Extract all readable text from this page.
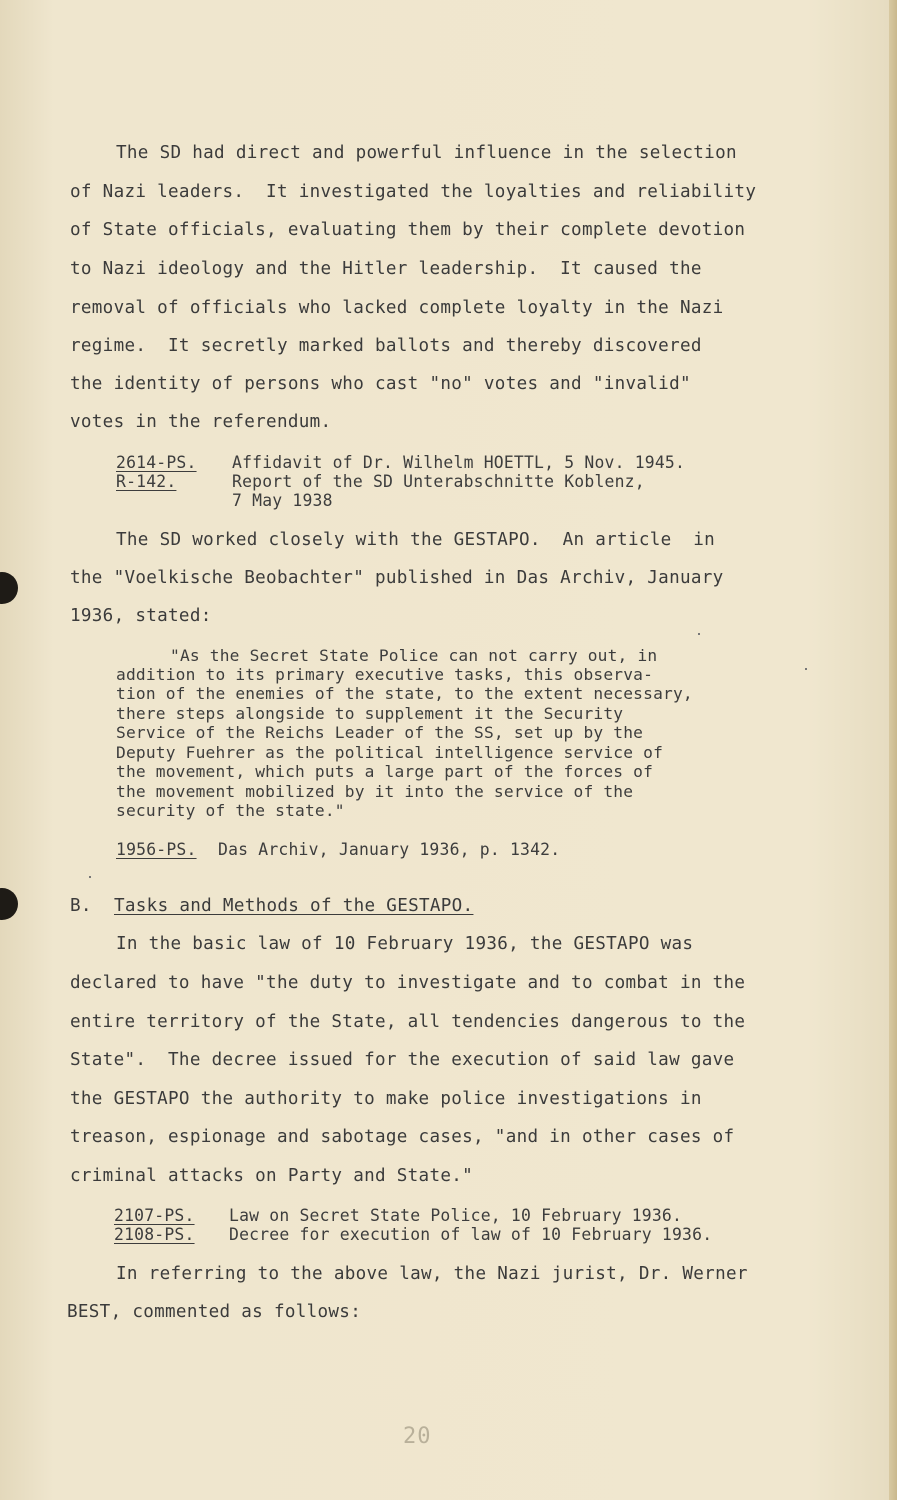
The SD had direct and powerful influence in the selection

of Nazi leaders.  It investigated the loyalties and reliability

of State officials, evaluating them by their complete devotion

to Nazi ideology and the Hitler leadership.  It caused the

removal of officials who lacked complete loyalty in the Nazi

regime.  It secretly marked ballots and thereby discovered

the identity of persons who cast "no" votes and "invalid"

votes in the referendum.

2614-PS. Affidavit of Dr. Wilhelm HOETTL, 5 Nov. 1945.

R-142.	Report of the SD Unterabschnitte Koblenz,

7 May 1938

The SD worked closely with the GESTAPO.  An article  in

the "Voelkische Beobachter" published in Das Archiv, January

1936, stated:

"As the Secret State Police can not carry out, in

addition to its primary executive tasks, this observa-

tion of the enemies of the state, to the extent necessary,

there steps alongside to supplement it the Security

Service of the Reichs Leader of the SS, set up by the

Deputy Fuehrer as the political intelligence service of

the movement, which puts a large part of the forces of

the movement mobilized by it into the service of the

security of the state."

1956-PS. Das Archiv, January 1936, p. 1342.

B. Tasks and Methods of the GESTAPO.

In the basic law of 10 February 1936, the GESTAPO was

declared to have "the duty to investigate and to combat in the

entire territory of the State, all tendencies dangerous to the

State".  The decree issued for the execution of said law gave

the GESTAPO the authority to make police investigations in

treason, espionage and sabotage cases, "and in other cases of

criminal attacks on Party and State."

2107-PS. Law on Secret State Police, 10 February 1936.

2108-PS. Decree for execution of law of 10 February 1936.

In referring to the above law, the Nazi jurist, Dr. Werner

BEST, commented as follows:

20
